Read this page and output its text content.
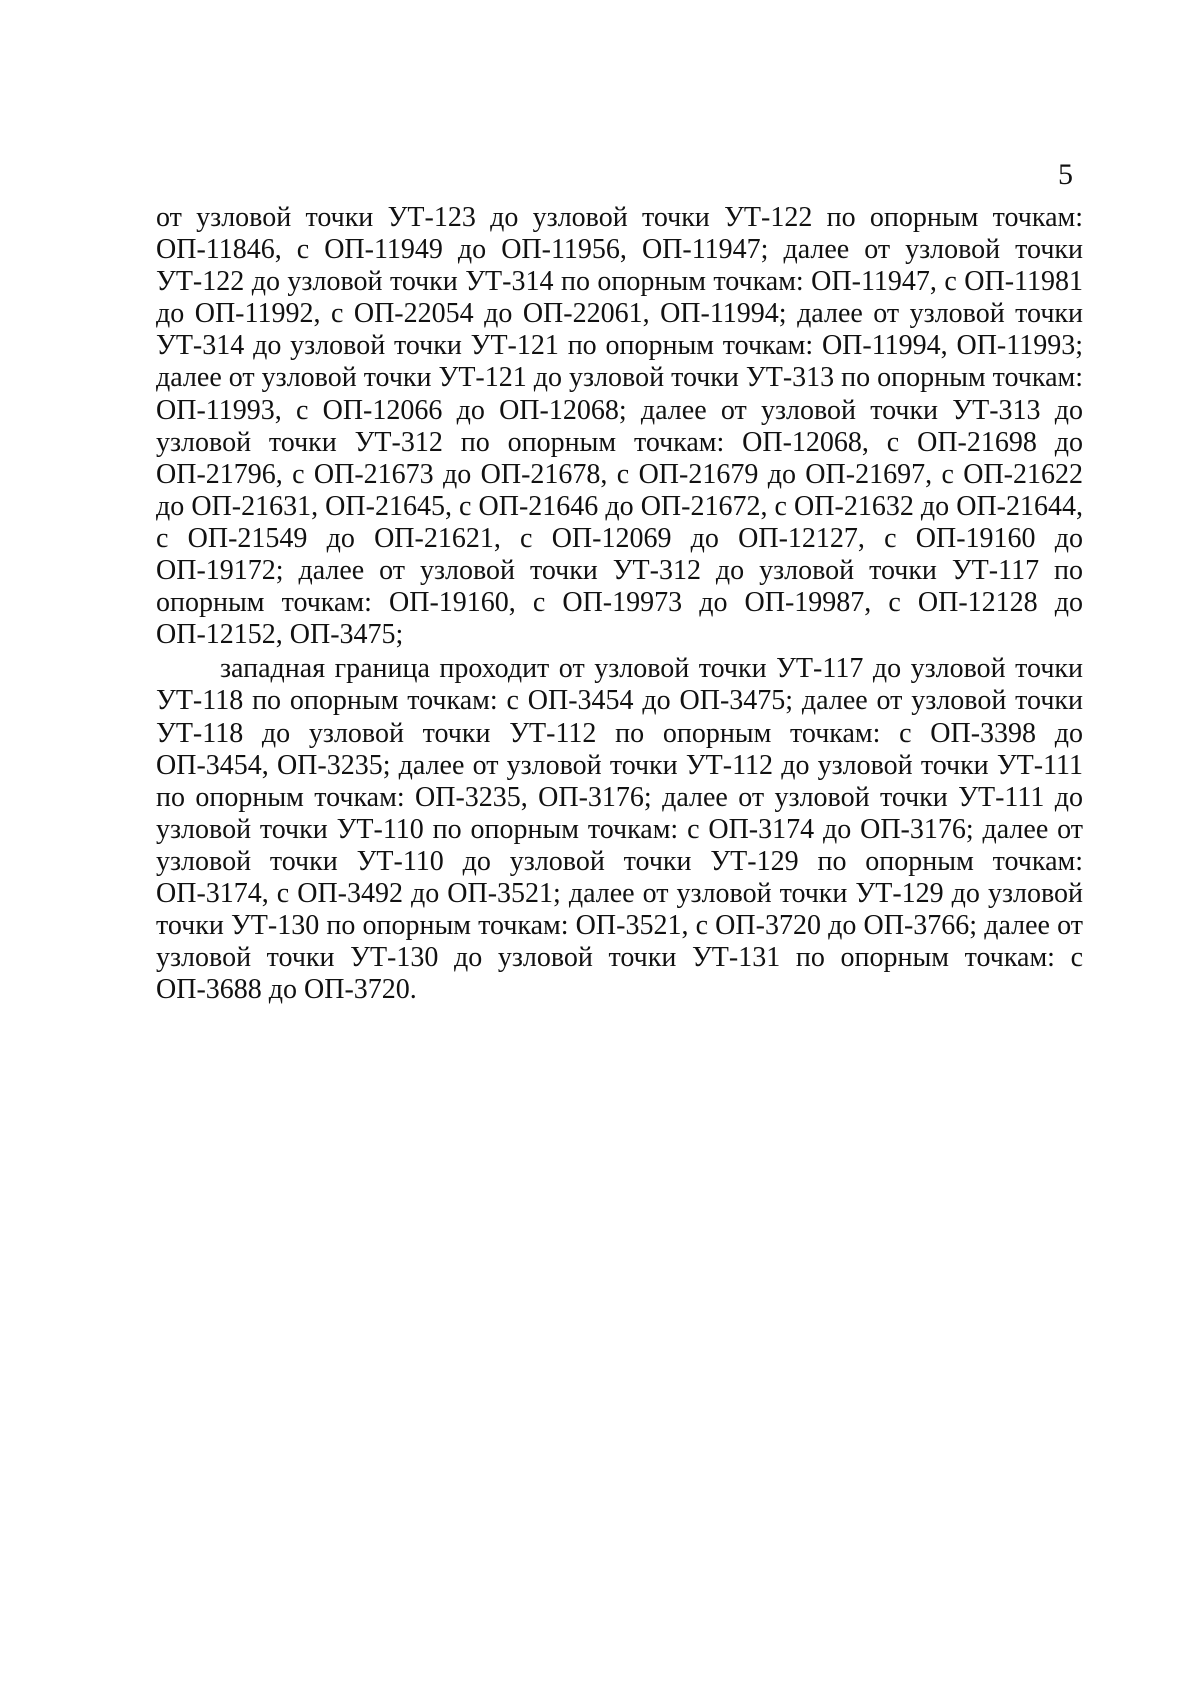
5

от узловой точки УТ-123 до узловой точки УТ-122 по опорным точкам: ОП-11846, с ОП-11949 до ОП-11956, ОП-11947; далее от узловой точки УТ-122 до узловой точки УТ-314 по опорным точкам: ОП-11947, с ОП-11981 до ОП-11992, с ОП-22054 до ОП-22061, ОП-11994; далее от узловой точки УТ-314 до узловой точки УТ-121 по опорным точкам: ОП-11994, ОП-11993; далее от узловой точки УТ-121 до узловой точки УТ-313 по опорным точкам: ОП-11993, с ОП-12066 до ОП-12068; далее от узловой точки УТ-313 до узловой точки УТ-312 по опорным точкам: ОП-12068, с ОП-21698 до ОП-21796, с ОП-21673 до ОП-21678, с ОП-21679 до ОП-21697, с ОП-21622 до ОП-21631, ОП-21645, с ОП-21646 до ОП-21672, с ОП-21632 до ОП-21644, с ОП-21549 до ОП-21621, с ОП-12069 до ОП-12127, с ОП-19160 до ОП-19172; далее от узловой точки УТ-312 до узловой точки УТ-117 по опорным точкам: ОП-19160, с ОП-19973 до ОП-19987, с ОП-12128 до ОП-12152, ОП-3475;

западная граница проходит от узловой точки УТ-117 до узловой точки УТ-118 по опорным точкам: с ОП-3454 до ОП-3475; далее от узловой точки УТ-118 до узловой точки УТ-112 по опорным точкам: с ОП-3398 до ОП-3454, ОП-3235; далее от узловой точки УТ-112 до узловой точки УТ-111 по опорным точкам: ОП-3235, ОП-3176; далее от узловой точки УТ-111 до узловой точки УТ-110 по опорным точкам: с ОП-3174 до ОП-3176; далее от узловой точки УТ-110 до узловой точки УТ-129 по опорным точкам: ОП-3174, с ОП-3492 до ОП-3521; далее от узловой точки УТ-129 до узловой точки УТ-130 по опорным точкам: ОП-3521, с ОП-3720 до ОП-3766; далее от узловой точки УТ-130 до узловой точки УТ-131 по опорным точкам: с ОП-3688 до ОП-3720.
